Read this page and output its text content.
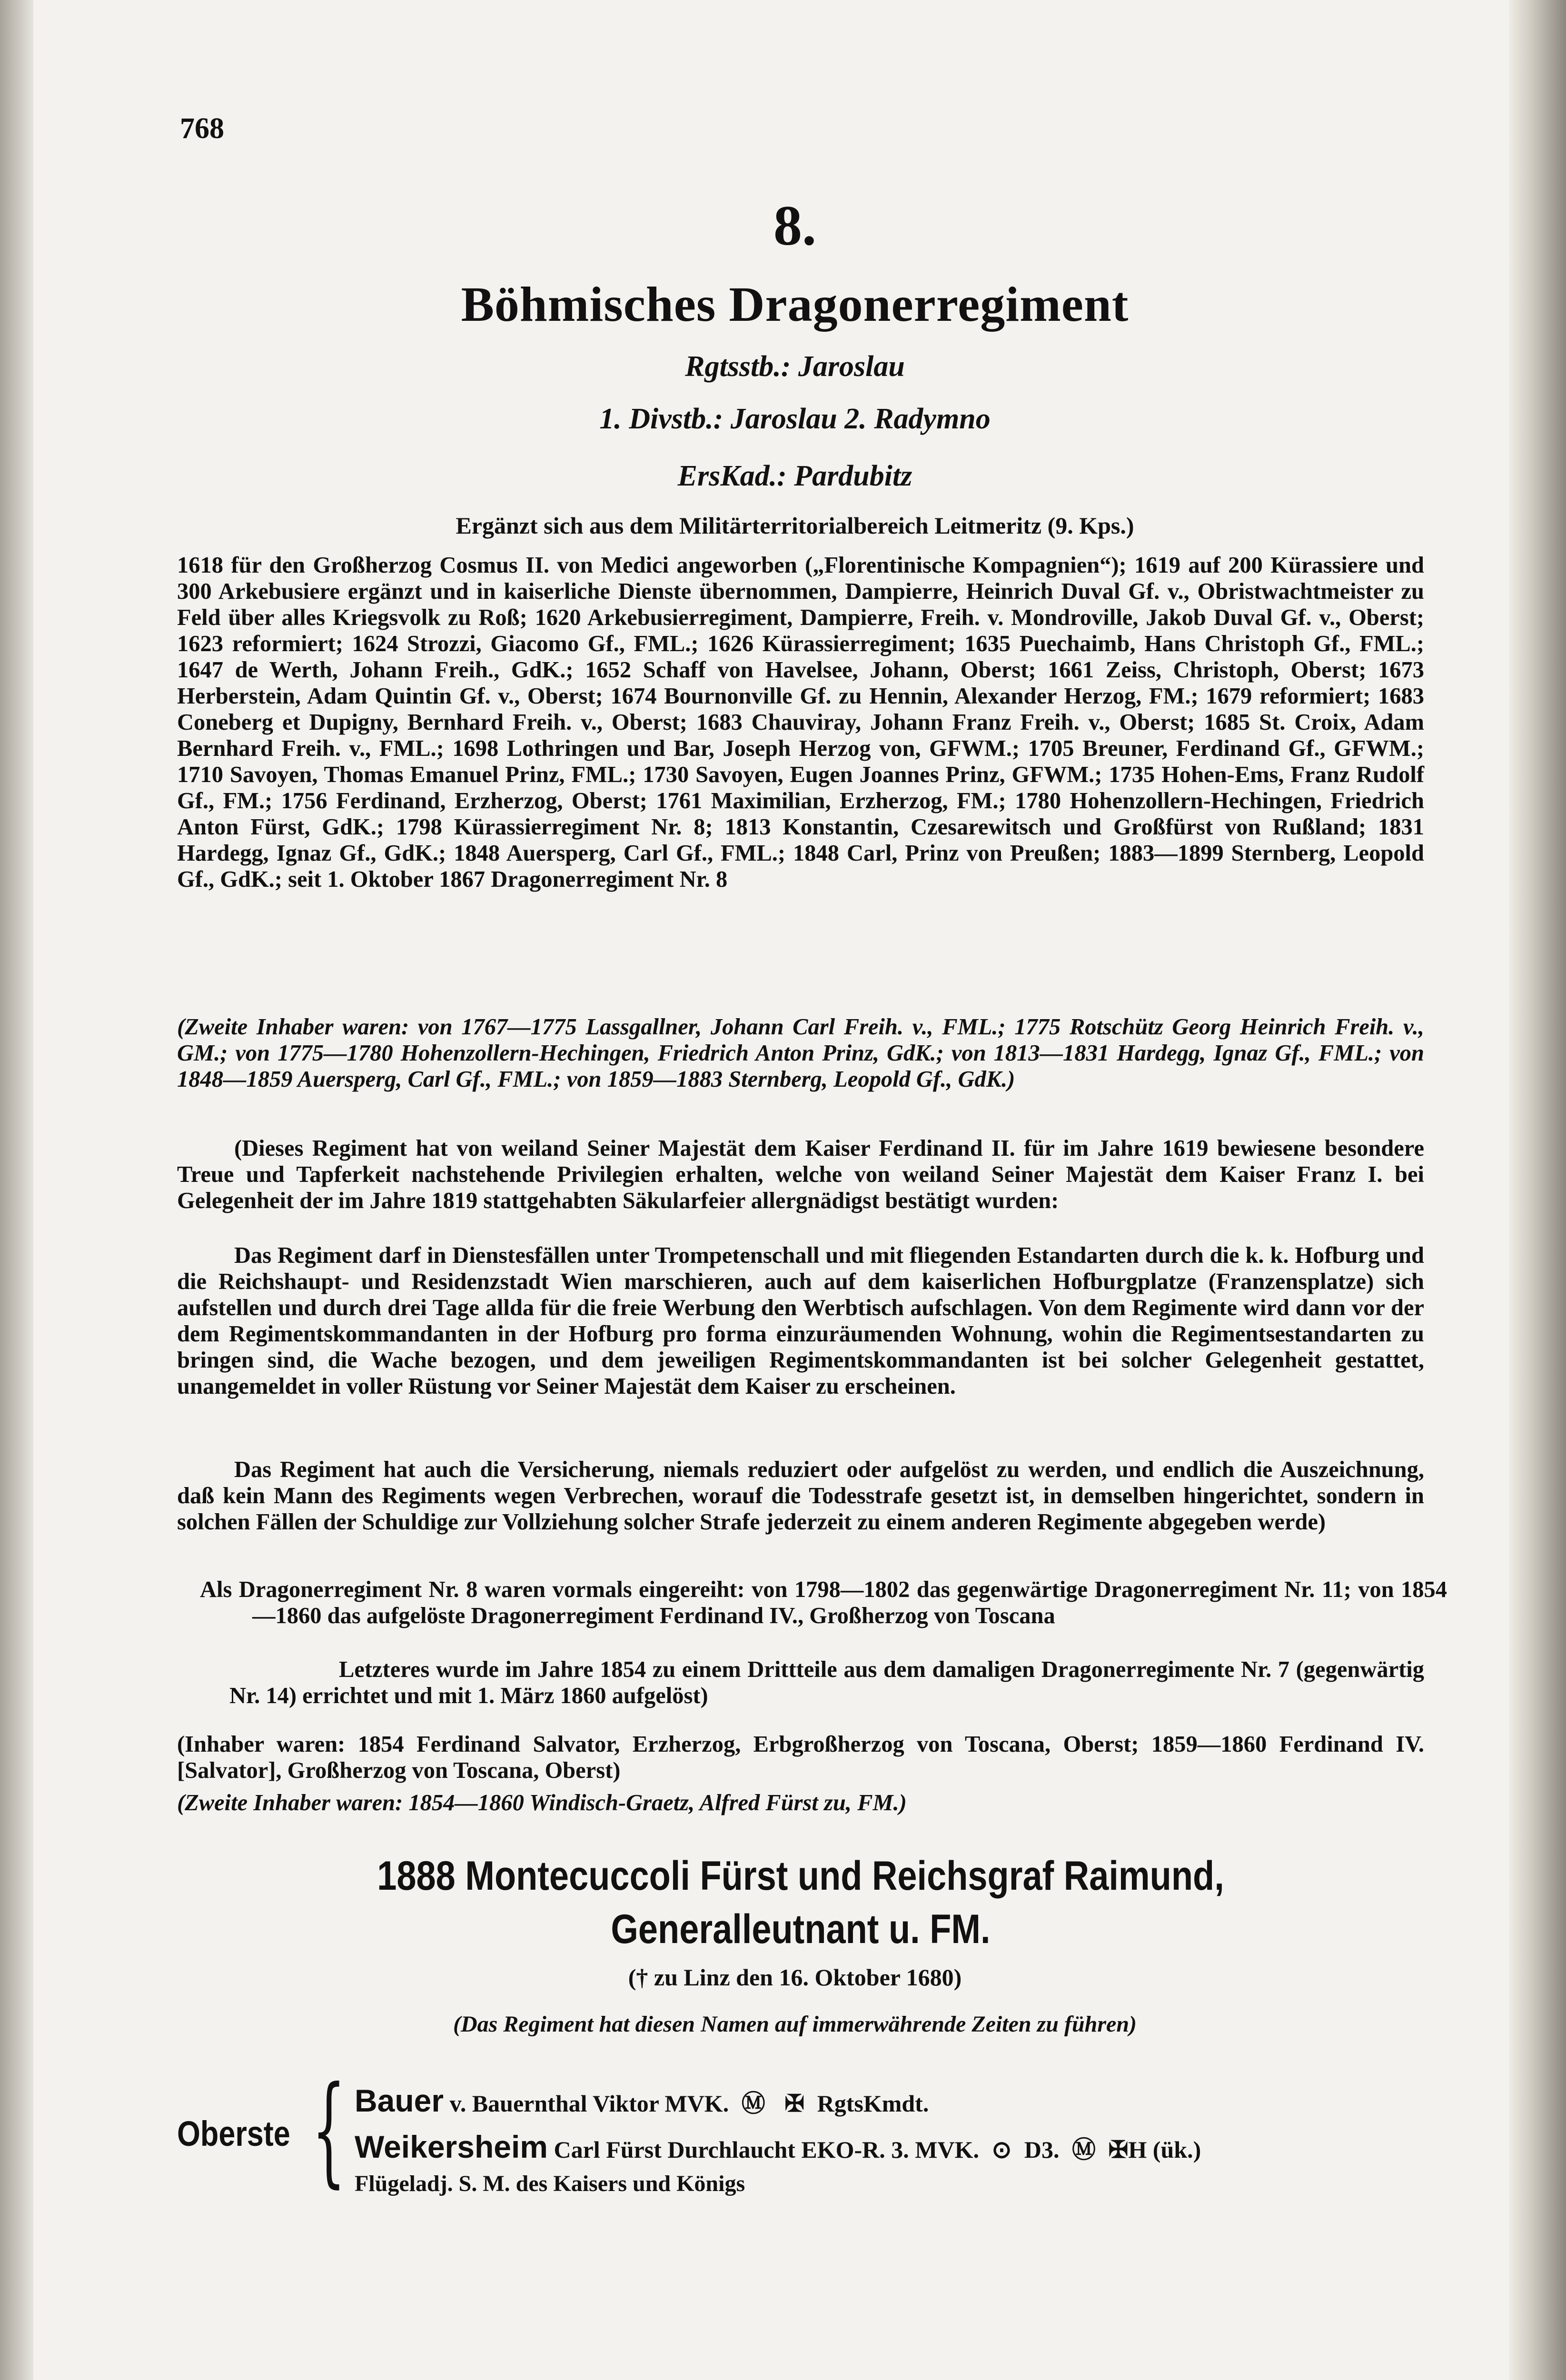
768
8.
Böhmisches Dragonerregiment
Rgtsstb.: Jaroslau
1. Divstb.: Jaroslau 2. Radymno
ErsKad.: Pardubitz
Ergänzt sich aus dem Militärterritorialbereich Leitmeritz (9. Kps.)
1618 für den Großherzog Cosmus II. von Medici angeworben („Florentinische Kompagnien“); 1619 auf 200 Kürassiere und 300 Arkebusiere ergänzt und in kaiserliche Dienste übernommen, Dampierre, Heinrich Duval Gf. v., Obristwachtmeister zu Feld über alles Kriegsvolk zu Roß; 1620 Arkebusierregiment, Dampierre, Freih. v. Mondroville, Jakob Duval Gf. v., Oberst; 1623 reformiert; 1624 Strozzi, Giacomo Gf., FML.; 1626 Kürassierregiment; 1635 Puechaimb, Hans Christoph Gf., FML.; 1647 de Werth, Johann Freih., GdK.; 1652 Schaff von Havelsee, Johann, Oberst; 1661 Zeiss, Christoph, Oberst; 1673 Herberstein, Adam Quintin Gf. v., Oberst; 1674 Bournonville Gf. zu Hennin, Alexander Herzog, FM.; 1679 reformiert; 1683 Coneberg et Dupigny, Bernhard Freih. v., Oberst; 1683 Chauviray, Johann Franz Freih. v., Oberst; 1685 St. Croix, Adam Bernhard Freih. v., FML.; 1698 Lothringen und Bar, Joseph Herzog von, GFWM.; 1705 Breuner, Ferdinand Gf., GFWM.; 1710 Savoyen, Thomas Emanuel Prinz, FML.; 1730 Savoyen, Eugen Joannes Prinz, GFWM.; 1735 Hohen-Ems, Franz Rudolf Gf., FM.; 1756 Ferdinand, Erzherzog, Oberst; 1761 Maximilian, Erzherzog, FM.; 1780 Hohenzollern-Hechingen, Friedrich Anton Fürst, GdK.; 1798 Kürassierregiment Nr. 8; 1813 Konstantin, Czesarewitsch und Großfürst von Rußland; 1831 Hardegg, Ignaz Gf., GdK.; 1848 Auersperg, Carl Gf., FML.; 1848 Carl, Prinz von Preußen; 1883—1899 Sternberg, Leopold Gf., GdK.; seit 1. Oktober 1867 Dragonerregiment Nr. 8
(Zweite Inhaber waren: von 1767—1775 Lassgallner, Johann Carl Freih. v., FML.; 1775 Rotschütz Georg Heinrich Freih. v., GM.; von 1775—1780 Hohenzollern-Hechingen, Friedrich Anton Prinz, GdK.; von 1813—1831 Hardegg, Ignaz Gf., FML.; von 1848—1859 Auersperg, Carl Gf., FML.; von 1859—1883 Sternberg, Leopold Gf., GdK.)
(Dieses Regiment hat von weiland Seiner Majestät dem Kaiser Ferdinand II. für im Jahre 1619 bewiesene besondere Treue und Tapferkeit nachstehende Privilegien erhalten, welche von weiland Seiner Majestät dem Kaiser Franz I. bei Gelegenheit der im Jahre 1819 stattgehabten Säkularfeier allergnädigst bestätigt wurden:
Das Regiment darf in Dienstesfällen unter Trompetenschall und mit fliegenden Estandarten durch die k. k. Hofburg und die Reichshaupt- und Residenzstadt Wien marschieren, auch auf dem kaiserlichen Hofburgplatze (Franzensplatze) sich aufstellen und durch drei Tage allda für die freie Werbung den Werbtisch aufschlagen. Von dem Regimente wird dann vor der dem Regimentskommandanten in der Hofburg pro forma einzuräumenden Wohnung, wohin die Regimentsestandarten zu bringen sind, die Wache bezogen, und dem jeweiligen Regimentskommandanten ist bei solcher Gelegenheit gestattet, unangemeldet in voller Rüstung vor Seiner Majestät dem Kaiser zu erscheinen.
Das Regiment hat auch die Versicherung, niemals reduziert oder aufgelöst zu werden, und endlich die Auszeichnung, daß kein Mann des Regiments wegen Verbrechen, worauf die Todesstrafe gesetzt ist, in demselben hingerichtet, sondern in solchen Fällen der Schuldige zur Vollziehung solcher Strafe jederzeit zu einem anderen Regimente abgegeben werde)
Als Dragonerregiment Nr. 8 waren vormals eingereiht: von 1798—1802 das gegenwärtige Dragonerregiment Nr. 11; von 1854—1860 das aufgelöste Dragonerregiment Ferdinand IV., Großherzog von Toscana
Letzteres wurde im Jahre 1854 zu einem Drittteile aus dem damaligen Dragonerregimente Nr. 7 (gegenwärtig Nr. 14) errichtet und mit 1. März 1860 aufgelöst)
(Inhaber waren: 1854 Ferdinand Salvator, Erzherzog, Erbgroßherzog von Toscana, Oberst; 1859—1860 Ferdinand IV. [Salvator], Großherzog von Toscana, Oberst)
(Zweite Inhaber waren: 1854—1860 Windisch-Graetz, Alfred Fürst zu, FM.)
1888 Montecuccoli Fürst und Reichsgraf Raimund, Generalleutnant u. FM.
(† zu Linz den 16. Oktober 1680)
(Das Regiment hat diesen Namen auf immerwährende Zeiten zu führen)
Oberste { Bauer v. Bauernthal Viktor MVK. Ⓜ ✠ RgtsKmdt.
Weikersheim Carl Fürst Durchlaucht EKO-R. 3. MVK. ⊙ D3. Ⓜ ✠H (ük.)
Flügeladj. S. M. des Kaisers und Königs
